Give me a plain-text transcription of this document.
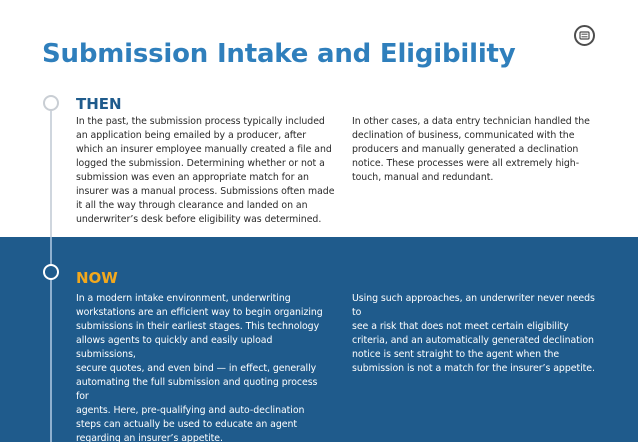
Submission Intake and Eligibility
THEN
In the past, the submission process typically included
an application being emailed by a producer, after
which an insurer employee manually created a file and
logged the submission. Determining whether or not a
submission was even an appropriate match for an
insurer was a manual process. Submissions often made
it all the way through clearance and landed on an
underwriter’s desk before eligibility was determined.
In other cases, a data entry technician handled the
declination of business, communicated with the
producers and manually generated a declination
notice. These processes were all extremely high-
touch, manual and redundant.
NOW
In a modern intake environment, underwriting
workstations are an efficient way to begin organizing
submissions in their earliest stages. This technology
allows agents to quickly and easily upload submissions,
secure quotes, and even bind — in effect, generally
automating the full submission and quoting process for
agents. Here, pre-qualifying and auto-declination
steps can actually be used to educate an agent
regarding an insurer’s appetite.
Using such approaches, an underwriter never needs to
see a risk that does not meet certain eligibility
criteria, and an automatically generated declination
notice is sent straight to the agent when the
submission is not a match for the insurer’s appetite.
